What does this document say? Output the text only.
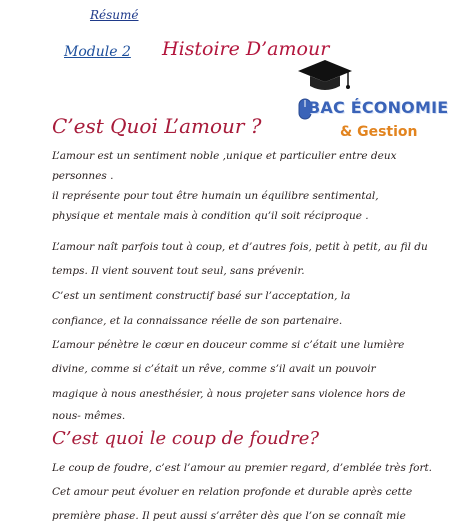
Résumé
Module 2 Histoire D’amour
BAC ÉCONOMIE
& Gestion
C’est Quoi L’amour ?
L’amour est un sentiment noble ,unique et particulier entre deux
personnes .
il représente pour tout être humain un équilibre sentimental,
physique et mentale mais à condition qu’il soit réciproque .
L’amour naît parfois tout à coup, et d’autres fois, petit à petit, au fil du
temps. Il vient souvent tout seul, sans prévenir.
C’est un sentiment constructif basé sur l’acceptation, la
confiance, et la connaissance réelle de son partenaire.
L’amour pénètre le cœur en douceur comme si c’était une lumière
divine, comme si c’était un rêve, comme s’il avait un pouvoir
magique à nous anesthésier, à nous projeter sans violence hors de
nous- mêmes.
C’est quoi le coup de foudre?
Le coup de foudre, c’est l’amour au premier regard, d’emblée très fort.
Cet amour peut évoluer en relation profonde et durable après cette
première phase. Il peut aussi s’arrêter dès que l’on se connaît mie
